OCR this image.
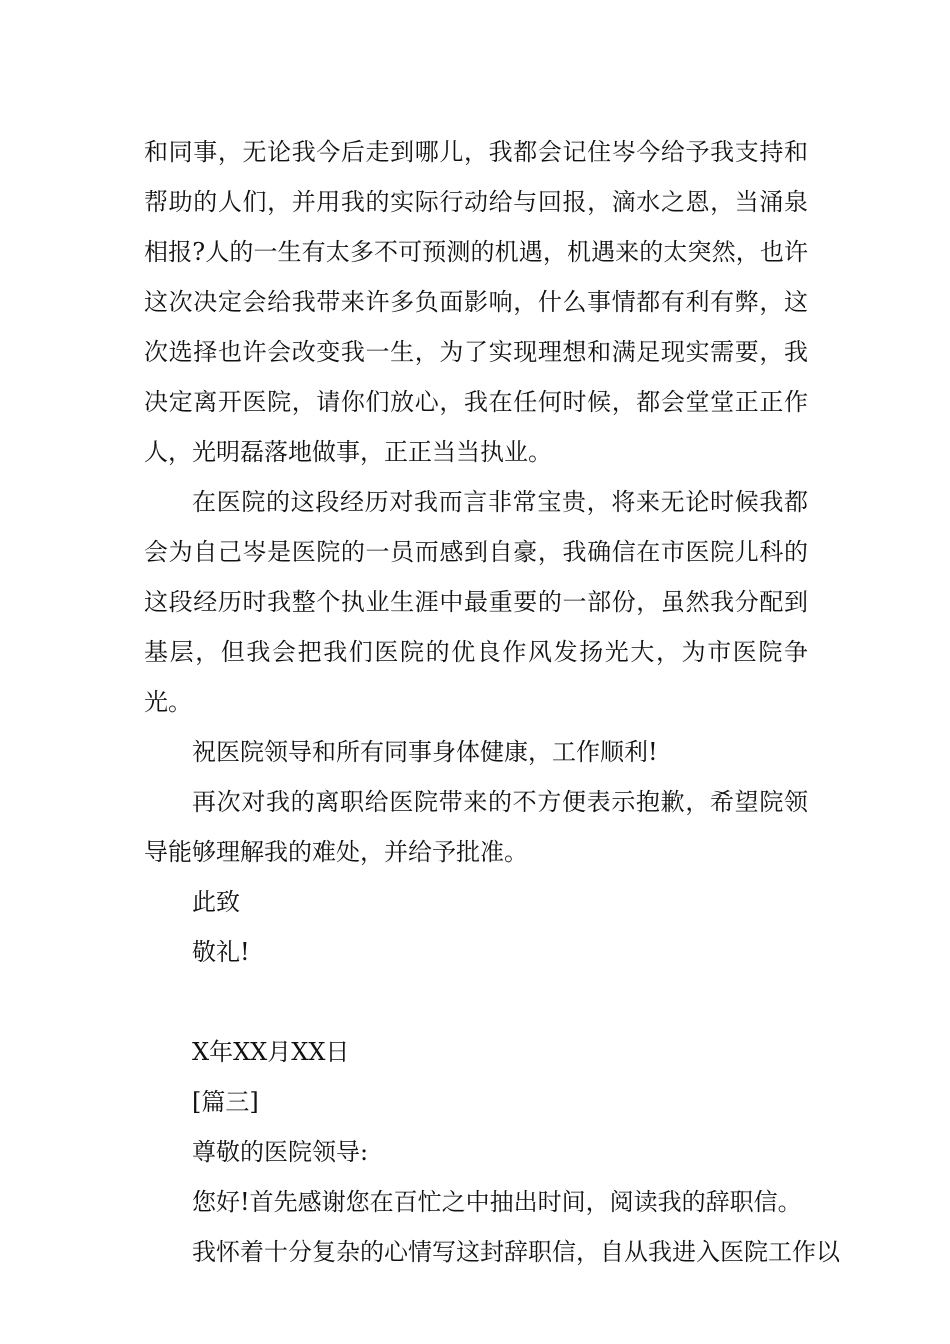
和同事，无论我今后走到哪儿，我都会记住岑今给予我支持和帮助的人们，并用我的实际行动给与回报，滴水之恩，当涌泉相报?人的一生有太多不可预测的机遇，机遇来的太突然，也许这次决定会给我带来许多负面影响，什么事情都有利有弊，这次选择也许会改变我一生，为了实现理想和满足现实需要，我决定离开医院，请你们放心，我在任何时候，都会堂堂正正作人，光明磊落地做事，正正当当执业。

在医院的这段经历对我而言非常宝贵，将来无论时候我都会为自己岑是医院的一员而感到自豪，我确信在市医院儿科的这段经历时我整个执业生涯中最重要的一部份，虽然我分配到基层，但我会把我们医院的优良作风发扬光大，为市医院争光。

祝医院领导和所有同事身体健康，工作顺利!

再次对我的离职给医院带来的不方便表示抱歉，希望院领导能够理解我的难处，并给予批准。

此致

敬礼!

X年XX月XX日

[篇三]

尊敬的医院领导:

您好!首先感谢您在百忙之中抽出时间，阅读我的辞职信。

我怀着十分复杂的心情写这封辞职信，自从我进入医院工作以
